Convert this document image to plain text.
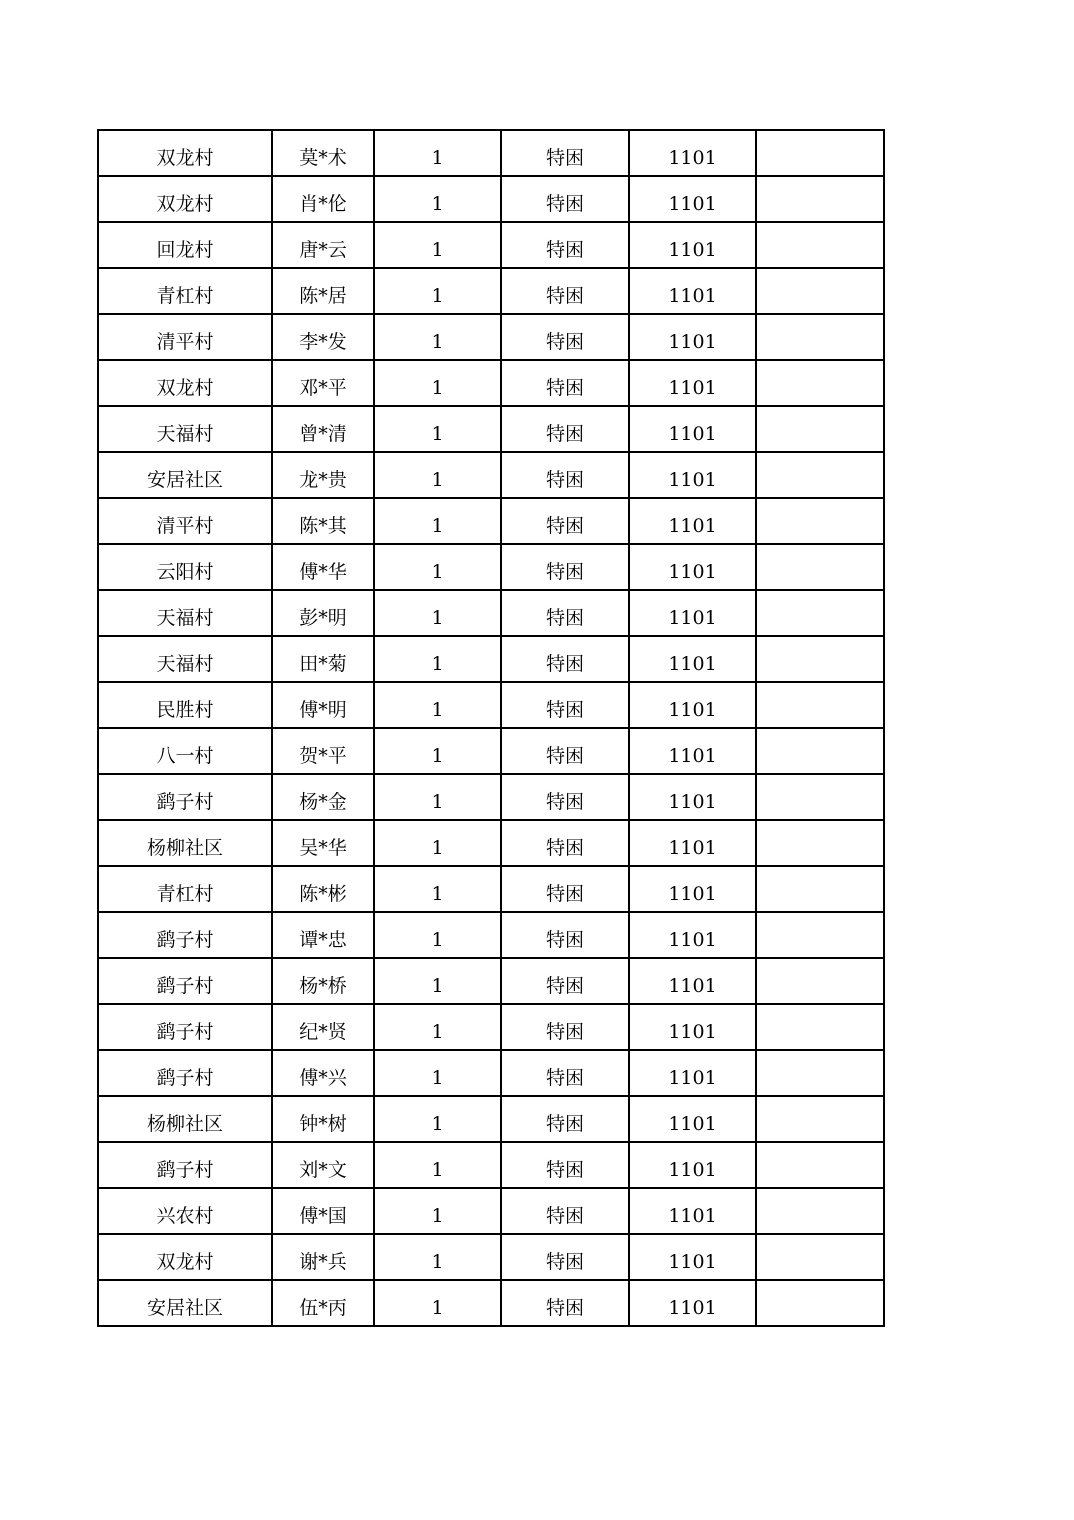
双龙村	莫*术	1	特困	1101	
双龙村	肖*伦	1	特困	1101	
回龙村	唐*云	1	特困	1101	
青杠村	陈*居	1	特困	1101	
清平村	李*发	1	特困	1101	
双龙村	邓*平	1	特困	1101	
天福村	曾*清	1	特困	1101	
安居社区	龙*贵	1	特困	1101	
清平村	陈*其	1	特困	1101	
云阳村	傅*华	1	特困	1101	
天福村	彭*明	1	特困	1101	
天福村	田*菊	1	特困	1101	
民胜村	傅*明	1	特困	1101	
八一村	贺*平	1	特困	1101	
鹞子村	杨*金	1	特困	1101	
杨柳社区	吴*华	1	特困	1101	
青杠村	陈*彬	1	特困	1101	
鹞子村	谭*忠	1	特困	1101	
鹞子村	杨*桥	1	特困	1101	
鹞子村	纪*贤	1	特困	1101	
鹞子村	傅*兴	1	特困	1101	
杨柳社区	钟*树	1	特困	1101	
鹞子村	刘*文	1	特困	1101	
兴农村	傅*国	1	特困	1101	
双龙村	谢*兵	1	特困	1101	
安居社区	伍*丙	1	特困	1101	
